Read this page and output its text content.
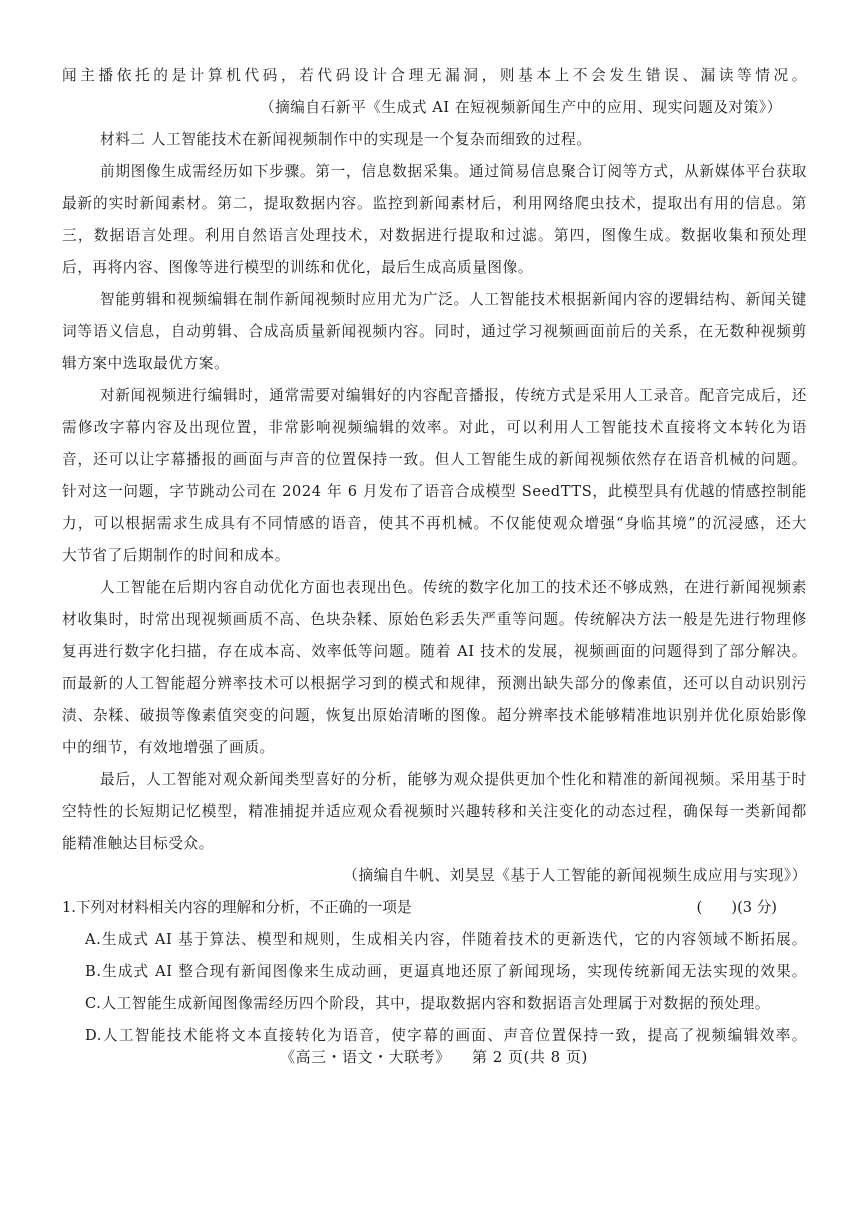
闻主播依托的是计算机代码，若代码设计合理无漏洞，则基本上不会发生错误、漏读等情况。
（摘编自石新平《生成式 AI 在短视频新闻生产中的应用、现实问题及对策》）
材料二 人工智能技术在新闻视频制作中的实现是一个复杂而细致的过程。
前期图像生成需经历如下步骤。第一，信息数据采集。通过简易信息聚合订阅等方式，从新媒体平台获取
最新的实时新闻素材。第二，提取数据内容。监控到新闻素材后，利用网络爬虫技术，提取出有用的信息。第
三，数据语言处理。利用自然语言处理技术，对数据进行提取和过滤。第四，图像生成。数据收集和预处理
后，再将内容、图像等进行模型的训练和优化，最后生成高质量图像。
智能剪辑和视频编辑在制作新闻视频时应用尤为广泛。人工智能技术根据新闻内容的逻辑结构、新闻关键
词等语义信息，自动剪辑、合成高质量新闻视频内容。同时，通过学习视频画面前后的关系，在无数种视频剪
辑方案中选取最优方案。
对新闻视频进行编辑时，通常需要对编辑好的内容配音播报，传统方式是采用人工录音。配音完成后，还
需修改字幕内容及出现位置，非常影响视频编辑的效率。对此，可以利用人工智能技术直接将文本转化为语
音，还可以让字幕播报的画面与声音的位置保持一致。但人工智能生成的新闻视频依然存在语音机械的问题。
针对这一问题，字节跳动公司在 2024 年 6 月发布了语音合成模型 SeedTTS，此模型具有优越的情感控制能
力，可以根据需求生成具有不同情感的语音，使其不再机械。不仅能使观众增强“身临其境”的沉浸感，还大
大节省了后期制作的时间和成本。
人工智能在后期内容自动优化方面也表现出色。传统的数字化加工的技术还不够成熟，在进行新闻视频素
材收集时，时常出现视频画质不高、色块杂糅、原始色彩丢失严重等问题。传统解决方法一般是先进行物理修
复再进行数字化扫描，存在成本高、效率低等问题。随着 AI 技术的发展，视频画面的问题得到了部分解决。
而最新的人工智能超分辨率技术可以根据学习到的模式和规律，预测出缺失部分的像素值，还可以自动识别污
渍、杂糅、破损等像素值突变的问题，恢复出原始清晰的图像。超分辨率技术能够精准地识别并优化原始影像
中的细节，有效地增强了画质。
最后，人工智能对观众新闻类型喜好的分析，能够为观众提供更加个性化和精准的新闻视频。采用基于时
空特性的长短期记忆模型，精准捕捉并适应观众看视频时兴趣转移和关注变化的动态过程，确保每一类新闻都
能精准触达目标受众。
（摘编自牛帆、刘昊昱《基于人工智能的新闻视频生成应用与实现》）
1.下列对材料相关内容的理解和分析，不正确的一项是	(　　)(3 分)
A.生成式 AI 基于算法、模型和规则，生成相关内容，伴随着技术的更新迭代，它的内容领域不断拓展。
B.生成式 AI 整合现有新闻图像来生成动画，更逼真地还原了新闻现场，实现传统新闻无法实现的效果。
C.人工智能生成新闻图像需经历四个阶段，其中，提取数据内容和数据语言处理属于对数据的预处理。
D.人工智能技术能将文本直接转化为语音，使字幕的画面、声音位置保持一致，提高了视频编辑效率。
《高三・语文・大联考》 第 2 页(共 8 页)
